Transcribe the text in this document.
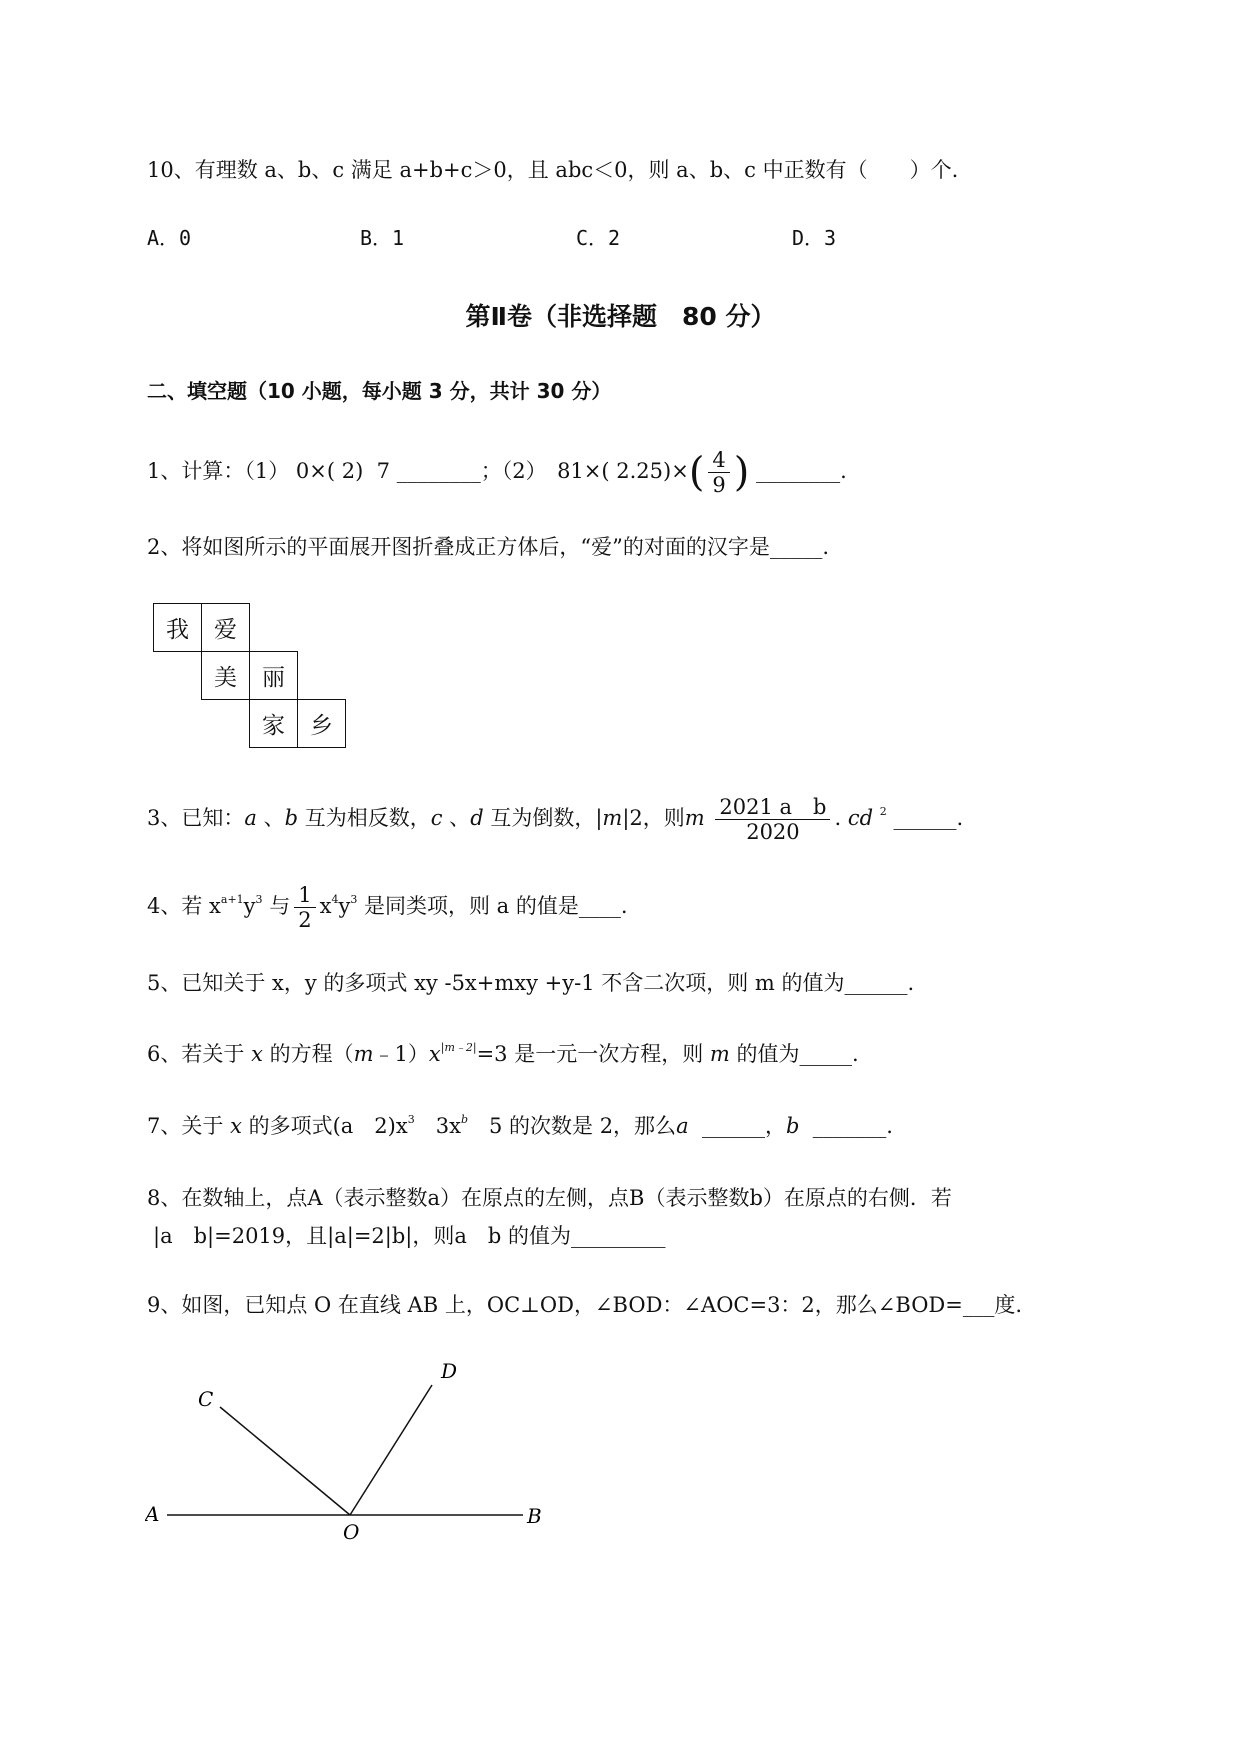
10、有理数 a、b、c 满足 a+b+c＞0，且 abc＜0，则 a、b、c 中正数有（　　）个.
A．0	B．1	C．2	D．3
第Ⅱ卷（非选择题　80 分）
二、填空题（10 小题，每小题 3 分，共计 30 分）
1、计算：（1） 0×( 2) 7 ________；（2）　81×( $2.25)\times( \frac{4}{9}$ ) ________.
2、将如图所示的平面展开图折叠成正方体后，“爱”的对面的汉字是_____.
我	爱
美	丽
家	乡
3、已知：a 、b 互为相反数，c 、d 互为倒数，|m|2，则m $\frac{\text{2021 a　b}}{2020}$ . cd $^2$ ______.
4、若 $x^{a+1}y^3$ 与 $\frac{1}{2} x^4y^3$ 是同类项，则 a 的值是____.
5、已知关于 x，y 的多项式 xy -5x+mxy +y-1 不含二次项，则 m 的值为______.
6、若关于 x 的方程$(m﹣1)x^{|m﹣2|}=3$ 是一元一次方程，则 m 的值为_____.
7、关于 x 的多项式(a　$2)x^3$　$3x^b$　5 的次数是 2，那么a ______，b _______.
8、在数轴上，点A（表示整数a）在原点的左侧，点B（表示整数b）在原点的右侧．若
|a　b|=2019，且|a|=2|b|，则a　b 的值为_________
9、如图，已知点 O 在直线 AB 上，OC⊥OD，∠BOD：∠AOC=3：2，那么∠BOD=___度.
A	B
C
D
O
